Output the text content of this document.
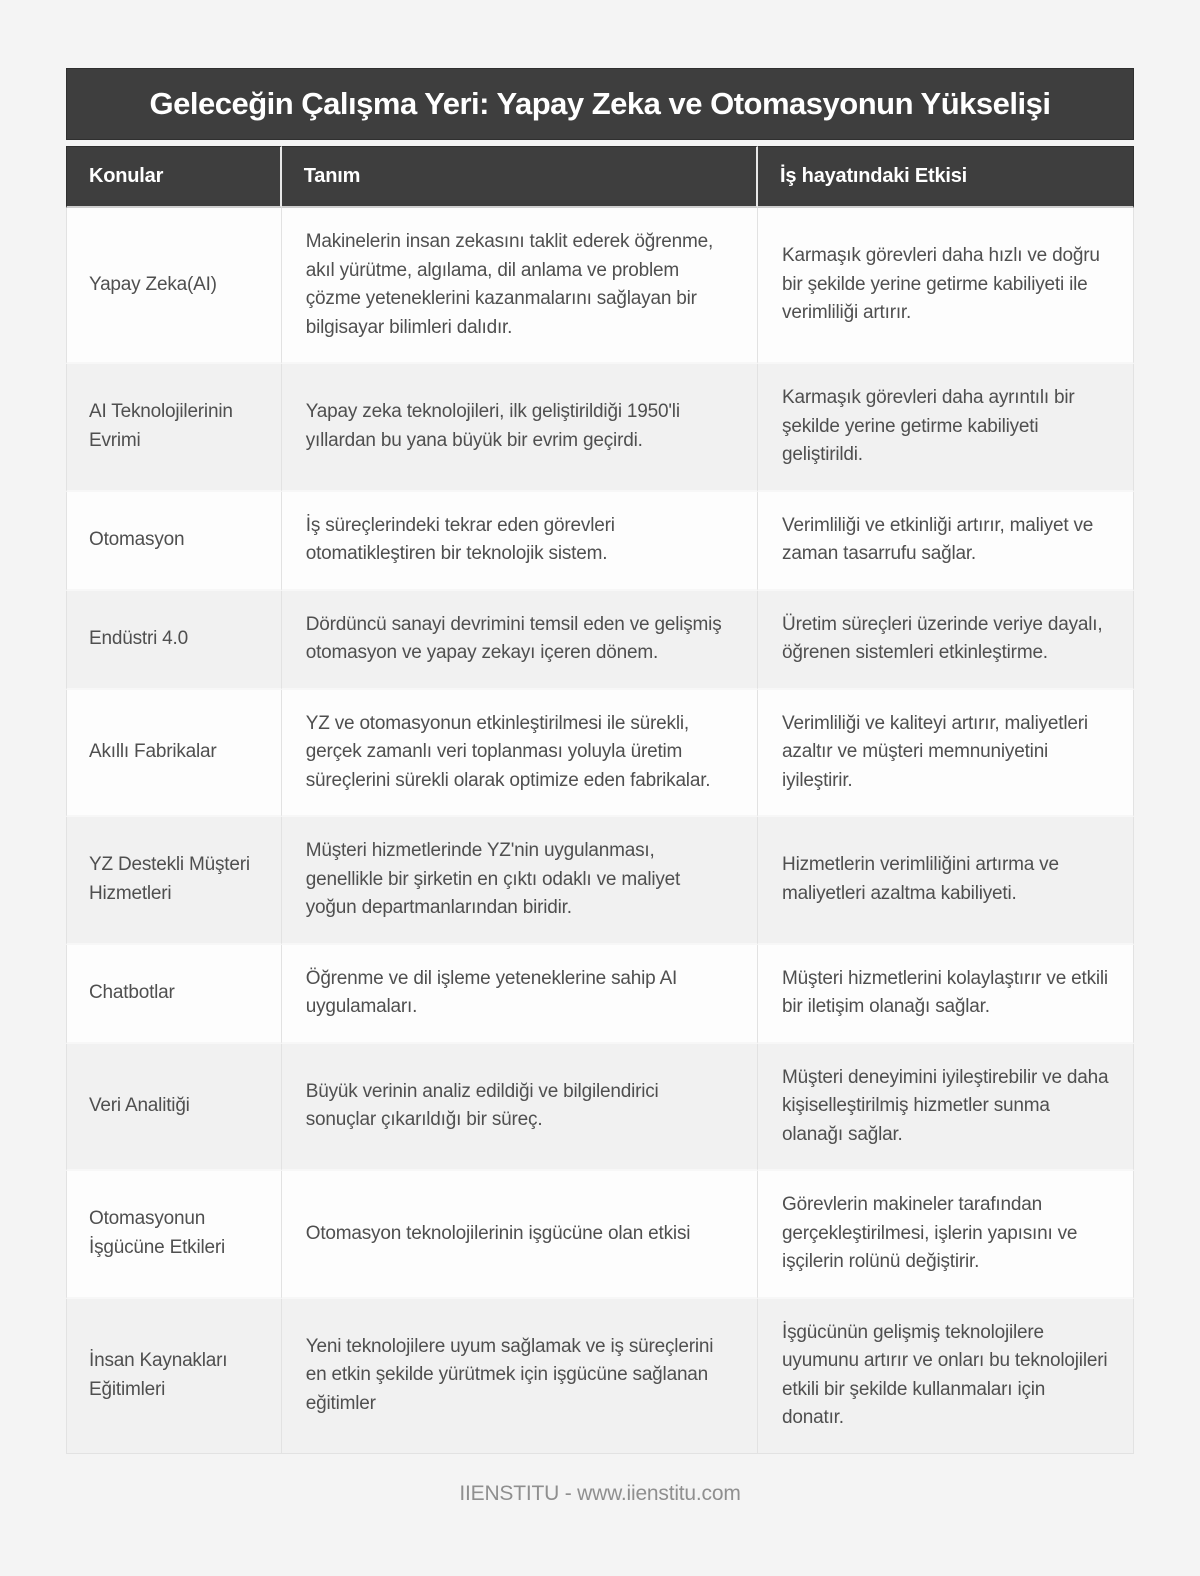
Geleceğin Çalışma Yeri: Yapay Zeka ve Otomasyonun Yükselişi
Konular	Tanım	İş hayatındaki Etkisi
Yapay Zeka(AI)	Makinelerin insan zekasını taklit ederek öğrenme, akıl yürütme, algılama, dil anlama ve problem çözme yeteneklerini kazanmalarını sağlayan bir bilgisayar bilimleri dalıdır.	Karmaşık görevleri daha hızlı ve doğru bir şekilde yerine getirme kabiliyeti ile verimliliği artırır.
AI Teknolojilerinin Evrimi	Yapay zeka teknolojileri, ilk geliştirildiği 1950'li yıllardan bu yana büyük bir evrim geçirdi.	Karmaşık görevleri daha ayrıntılı bir şekilde yerine getirme kabiliyeti geliştirildi.
Otomasyon	İş süreçlerindeki tekrar eden görevleri otomatikleştiren bir teknolojik sistem.	Verimliliği ve etkinliği artırır, maliyet ve zaman tasarrufu sağlar.
Endüstri 4.0	Dördüncü sanayi devrimini temsil eden ve gelişmiş otomasyon ve yapay zekayı içeren dönem.	Üretim süreçleri üzerinde veriye dayalı, öğrenen sistemleri etkinleştirme.
Akıllı Fabrikalar	YZ ve otomasyonun etkinleştirilmesi ile sürekli, gerçek zamanlı veri toplanması yoluyla üretim süreçlerini sürekli olarak optimize eden fabrikalar.	Verimliliği ve kaliteyi artırır, maliyetleri azaltır ve müşteri memnuniyetini iyileştirir.
YZ Destekli Müşteri Hizmetleri	Müşteri hizmetlerinde YZ'nin uygulanması, genellikle bir şirketin en çıktı odaklı ve maliyet yoğun departmanlarından biridir.	Hizmetlerin verimliliğini artırma ve maliyetleri azaltma kabiliyeti.
Chatbotlar	Öğrenme ve dil işleme yeteneklerine sahip AI uygulamaları.	Müşteri hizmetlerini kolaylaştırır ve etkili bir iletişim olanağı sağlar.
Veri Analitiği	Büyük verinin analiz edildiği ve bilgilendirici sonuçlar çıkarıldığı bir süreç.	Müşteri deneyimini iyileştirebilir ve daha kişiselleştirilmiş hizmetler sunma olanağı sağlar.
Otomasyonun İşgücüne Etkileri	Otomasyon teknolojilerinin işgücüne olan etkisi	Görevlerin makineler tarafından gerçekleştirilmesi, işlerin yapısını ve işçilerin rolünü değiştirir.
İnsan Kaynakları Eğitimleri	Yeni teknolojilere uyum sağlamak ve iş süreçlerini en etkin şekilde yürütmek için işgücüne sağlanan eğitimler	İşgücünün gelişmiş teknolojilere uyumunu artırır ve onları bu teknolojileri etkili bir şekilde kullanmaları için donatır.
IIENSTITU - www.iienstitu.com
